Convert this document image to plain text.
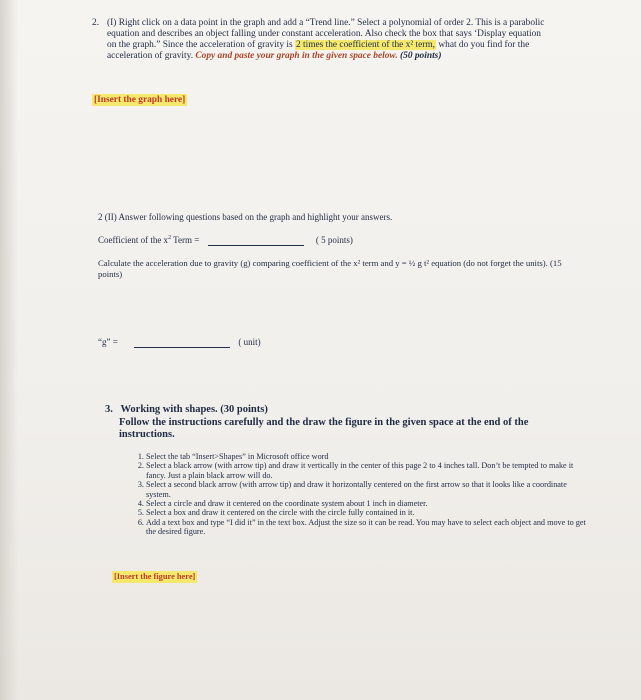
2. (I) Right click on a data point in the graph and add a “Trend line.” Select a polynomial of order 2. This is a parabolic equation and describes an object falling under constant acceleration. Also check the box that says ‘Display equation on the graph.” Since the acceleration of gravity is 2 times the coefficient of the x² term, what do you find for the acceleration of gravity. Copy and paste your graph in the given space below. (50 points)
[Insert the graph here]
2 (II) Answer following questions based on the graph and highlight your answers.
Coefficient of the $x^2$ Term =	( 5 points)
Calculate the acceleration due to gravity (g) comparing coefficient of the x² term and y = ½ g t² equation (do not forget the units). (15 points)
“g” =	( unit)
3. Working with shapes. (30 points)
Follow the instructions carefully and the draw the figure in the given space at the end of the instructions.
1. Select the tab “Insert>Shapes” in Microsoft office word
2. Select a black arrow (with arrow tip) and draw it vertically in the center of this page 2 to 4 inches tall. Don’t be tempted to make it fancy. Just a plain black arrow will do.
3. Select a second black arrow (with arrow tip) and draw it horizontally centered on the first arrow so that it looks like a coordinate system.
4. Select a circle and draw it centered on the coordinate system about 1 inch in diameter.
5. Select a box and draw it centered on the circle with the circle fully contained in it.
6. Add a text box and type “I did it” in the text box. Adjust the size so it can be read. You may have to select each object and move to get the desired figure.
[Insert the figure here]
